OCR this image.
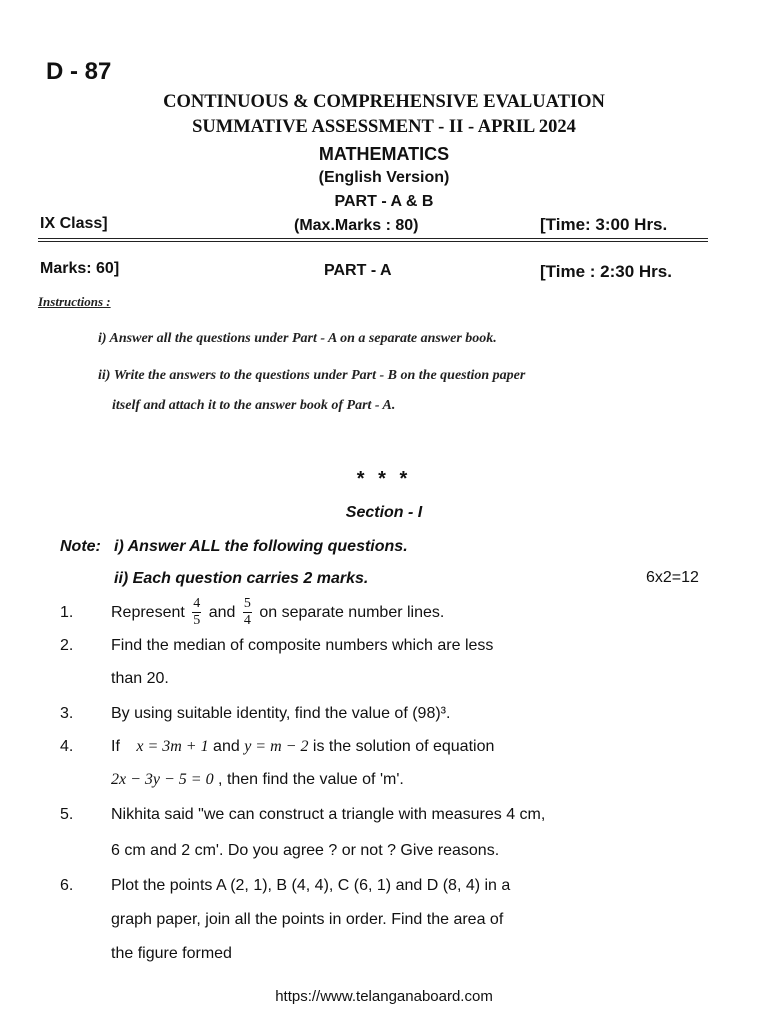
D - 87
CONTINUOUS & COMPREHENSIVE EVALUATION
SUMMATIVE ASSESSMENT - II - APRIL 2024
MATHEMATICS
(English Version)
PART - A & B
IX Class]	(Max.Marks : 80)	[Time: 3:00 Hrs.
Marks: 60]	PART - A	[Time : 2:30 Hrs.
Instructions :
i) Answer all the questions under Part - A on a separate answer book.
ii) Write the answers to the questions under Part - B on the question paper
itself and attach it to the answer book of Part - A.
* * *
Section - I
Note: i) Answer ALL the following questions.
ii) Each question carries 2 marks.	6x2=12
1. Represent $\frac{4}{5}$ and $\frac{5}{4}$ on separate number lines.
2. Find the median of composite numbers which are less
than 20.
3. By using suitable identity, find the value of (98)³.
4. If x = 3m + 1 and y = m − 2 is the solution of equation
2x − 3y − 5 = 0 , then find the value of 'm'.
5. Nikhita said "we can construct a triangle with measures 4 cm,
6 cm and 2 cm'. Do you agree ? or not ? Give reasons.
6. Plot the points A (2, 1), B (4, 4), C (6, 1) and D (8, 4) in a
graph paper, join all the points in order. Find the area of
the figure formed
https://www.telanganaboard.com
